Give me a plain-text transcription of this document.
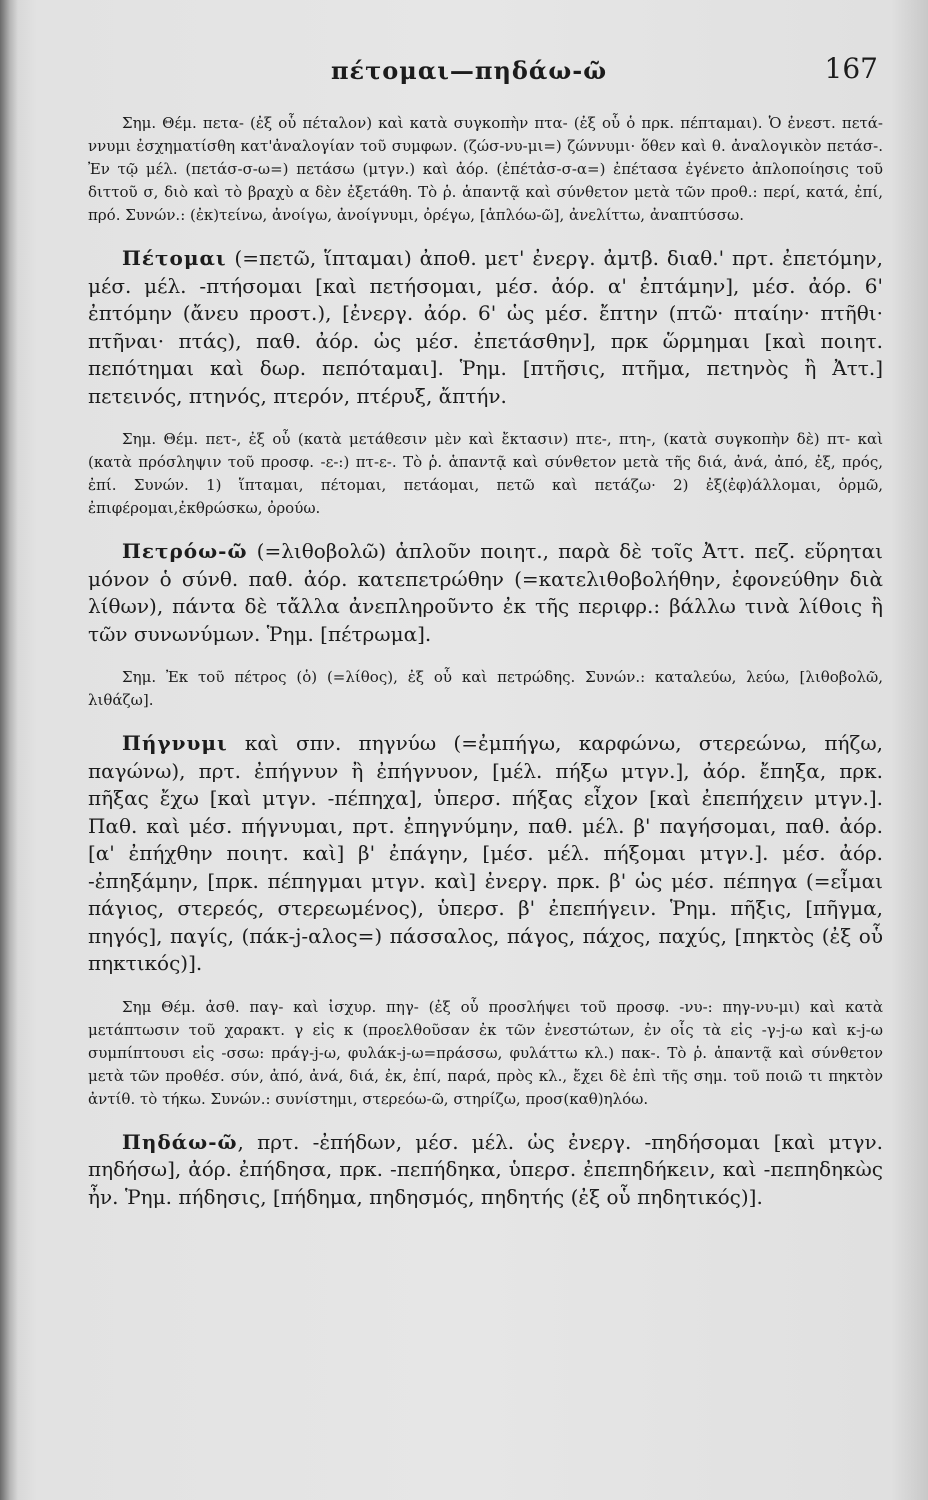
πέτομαι—πηδάω-ῶ	167

Σημ. Θέμ. πετα- (ἐξ οὗ πέταλον) καὶ κατὰ συγκοπὴν πτα- (ἐξ οὗ ὁ πρκ. πέπταμαι). Ὁ ἐνεστ. πετά-ννυμι ἐσχηματίσθη κατ'ἀναλογίαν τοῦ συμφων. (ζώσ-νυ-μι=) ζώννυμι· ὅθεν καὶ θ. ἀναλογικὸν πετάσ-. Ἐν τῷ μέλ. (πετάσ-σ-ω=) πετάσω (μτγν.) καὶ ἀόρ. (ἐπέτἀσ-σ-α=) ἐπέτασα ἐγένετο ἀπλοποίησις τοῦ διττοῦ σ, διὸ καὶ τὸ βραχὺ α δὲν ἐξετάθη. Τὸ ῥ. ἁπαντᾷ καὶ σύνθετον μετὰ τῶν προθ.: περί, κατά, ἐπί, πρό. Συνών.: (ἐκ)τείνω, ἀνοίγω, ἀνοίγνυμι, ὀρέγω, [ἁπλόω-ῶ], ἀνελίττω, ἀναπτύσσω.

Πέτομαι (=πετῶ, ἵπταμαι) ἀποθ. μετ' ἐνεργ. ἀμτβ. διαθ.' πρτ. ἐπετόμην, μέσ. μέλ. -πτήσομαι [καὶ πετήσομαι, μέσ. ἀόρ. α' ἐπτάμην], μέσ. ἀόρ. 6' ἐπτόμην (ἄνευ προστ.), [ἐνεργ. ἀόρ. 6' ὡς μέσ. ἔπτην (πτῶ· πταίην· πτῆθι· πτῆναι· πτάς), παθ. ἀόρ. ὡς μέσ. ἐπετάσθην], πρκ ὥρμημαι [καὶ ποιητ. πεπότημαι καὶ δωρ. πεπόταμαι]. Ῥημ. [πτῆσις, πτῆμα, πετηνὸς ἢ Ἀττ.] πετεινός, πτηνός, πτερόν, πτέρυξ, ἄπτήν.

Σημ. Θέμ. πετ-, ἐξ οὗ (κατὰ μετάθεσιν μὲν καὶ ἔκτασιν) πτε-, πτη-, (κατὰ συγκοπὴν δὲ) πτ- καὶ (κατὰ πρόσληψιν τοῦ προσφ. -ε-:) πτ-ε-. Τὸ ῥ. ἁπαντᾷ καὶ σύνθετον μετὰ τῆς διά, ἀνά, ἀπό, ἐξ, πρός, ἐπί. Συνών. 1) ἵπταμαι, πέτομαι, πετάομαι, πετῶ καὶ πετάζω· 2) ἐξ(ἐφ)άλλομαι, ὁρμῶ, ἐπιφέρομαι,ἐκθρώσκω, ὀρούω.

Πετρόω-ῶ (=λιθοβολῶ) ἁπλοῦν ποιητ., παρὰ δὲ τοῖς Ἀττ. πεζ. εὕρηται μόνον ὁ σύνθ. παθ. ἀόρ. κατεπετρώθην (=κατελιθοβολήθην, ἐφονεύθην διὰ λίθων), πάντα δὲ τἄλλα ἀνεπληροῦντο ἐκ τῆς περιφρ.: βάλλω τινὰ λίθοις ἢ τῶν συνωνύμων. Ῥημ. [πέτρωμα].

Σημ. Ἐκ τοῦ πέτρος (ὁ) (=λίθος), ἐξ οὗ καὶ πετρώδης. Συνών.: καταλεύω, λεύω, [λιθοβολῶ, λιθάζω].

Πήγνυμι καὶ σπν. πηγνύω (=ἐμπήγω, καρφώνω, στερεώνω, πήζω, παγώνω), πρτ. ἐπήγνυν ἢ ἐπήγνυον, [μέλ. πήξω μτγν.], ἀόρ. ἔπηξα, πρκ. πῆξας ἔχω [καὶ μτγν. -πέπηχα], ὑπερσ. πήξας εἶχον [καὶ ἐπεπήχειν μτγν.]. Παθ. καὶ μέσ. πήγνυμαι, πρτ. ἐπηγνύμην, παθ. μέλ. β' παγήσομαι, παθ. ἀόρ. [α' ἐπήχθην ποιητ. καὶ] β' ἐπάγην, [μέσ. μέλ. πήξομαι μτγν.]. μέσ. ἀόρ. -ἐπηξάμην, [πρκ. πέπηγμαι μτγν. καὶ] ἐνεργ. πρκ. β' ὡς μέσ. πέπηγα (=εἶμαι πάγιος, στερεός, στερεωμένος), ὑπερσ. β' ἐπεπήγειν. Ῥημ. πῆξις, [πῆγμα, πηγός], παγίς, (πάκ-j-αλος=) πάσσαλος, πάγος, πάχος, παχύς, [πηκτὸς (ἐξ οὗ πηκτικός)].

Σημ Θέμ. ἀσθ. παγ- καὶ ἰσχυρ. πηγ- (ἐξ οὗ προσλήψει τοῦ προσφ. -νυ-: πηγ-νυ-μι) καὶ κατὰ μετάπτωσιν τοῦ χαρακτ. γ εἰς κ (προελθοῦσαν ἐκ τῶν ἐνεστώτων, ἐν οἷς τὰ εἰς -γ-j-ω καὶ κ-j-ω συμπίπτουσι εἰς -σσω: πράγ-j-ω, φυλάκ-j-ω=πράσσω, φυλάττω κλ.) πακ-. Τὸ ῥ. ἁπαντᾷ καὶ σύνθετον μετὰ τῶν προθέσ. σύν, ἀπό, ἀνά, διά, ἐκ, ἐπί, παρά, πρὸς κλ., ἔχει δὲ ἐπὶ τῆς σημ. τοῦ ποιῶ τι πηκτὸν ἀντίθ. τὸ τήκω. Συνών.: συνίστημι, στερεόω-ῶ, στηρίζω, προσ(καθ)ηλόω.

Πηδάω-ῶ, πρτ. -ἐπήδων, μέσ. μέλ. ὡς ἐνεργ. -πηδήσομαι [καὶ μτγν. πηδήσω], ἀόρ. ἐπήδησα, πρκ. -πεπήδηκα, ὑπερσ. ἐπεπηδήκειν, καὶ -πεπηδηκὼς ἦν. Ῥημ. πήδησις, [πήδημα, πηδησμός, πηδητής (ἐξ οὗ πηδητικός)].
